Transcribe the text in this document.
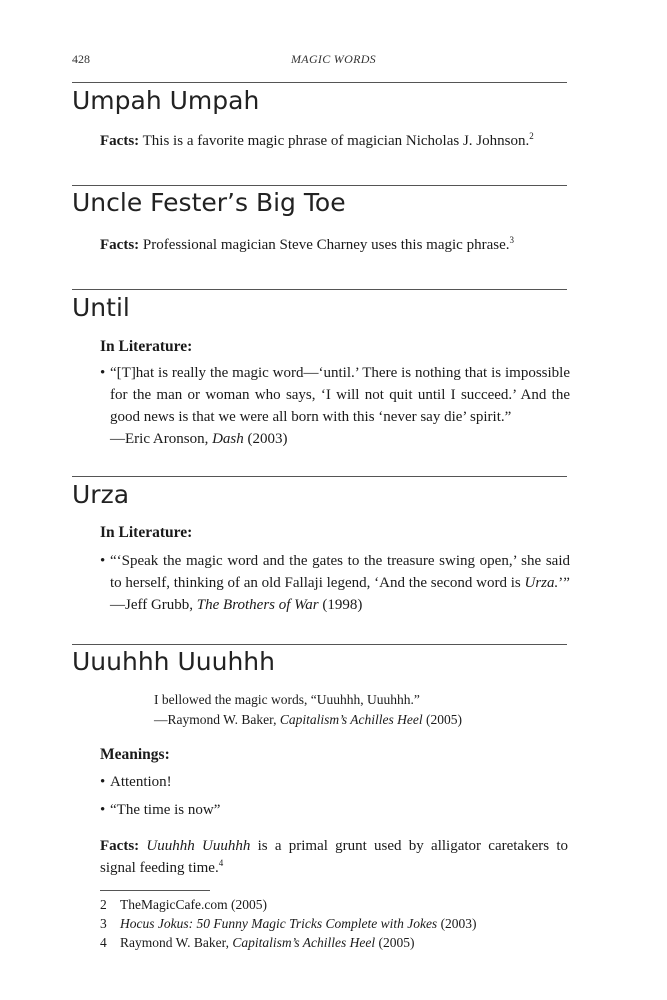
428	MAGIC WORDS
Umpah Umpah
Facts: This is a favorite magic phrase of magician Nicholas J. Johnson.$^2$
Uncle Fester’s Big Toe
Facts: Professional magician Steve Charney uses this magic phrase.$^3$
Until
In Literature:
• “[T]hat is really the magic word—‘until.’ There is nothing that is impossible for the man or woman who says, ‘I will not quit until I succeed.’ And the good news is that we were all born with this ‘never say die’ spirit.”
—Eric Aronson, Dash (2003)
Urza
In Literature:
• “‘Speak the magic word and the gates to the treasure swing open,’ she said to herself, thinking of an old Fallaji legend, ‘And the second word is Urza.’”
—Jeff Grubb, The Brothers of War (1998)
Uuuhhh Uuuhhh
I bellowed the magic words, “Uuuhhh, Uuuhhh.”
—Raymond W. Baker, Capitalism’s Achilles Heel (2005)
Meanings:
• Attention!
• “The time is now”
Facts: Uuuhhh Uuuhhh is a primal grunt used by alligator caretakers to signal feeding time.$^4$
2 TheMagicCafe.com (2005)
3 Hocus Jokus: 50 Funny Magic Tricks Complete with Jokes (2003)
4 Raymond W. Baker, Capitalism’s Achilles Heel (2005)
